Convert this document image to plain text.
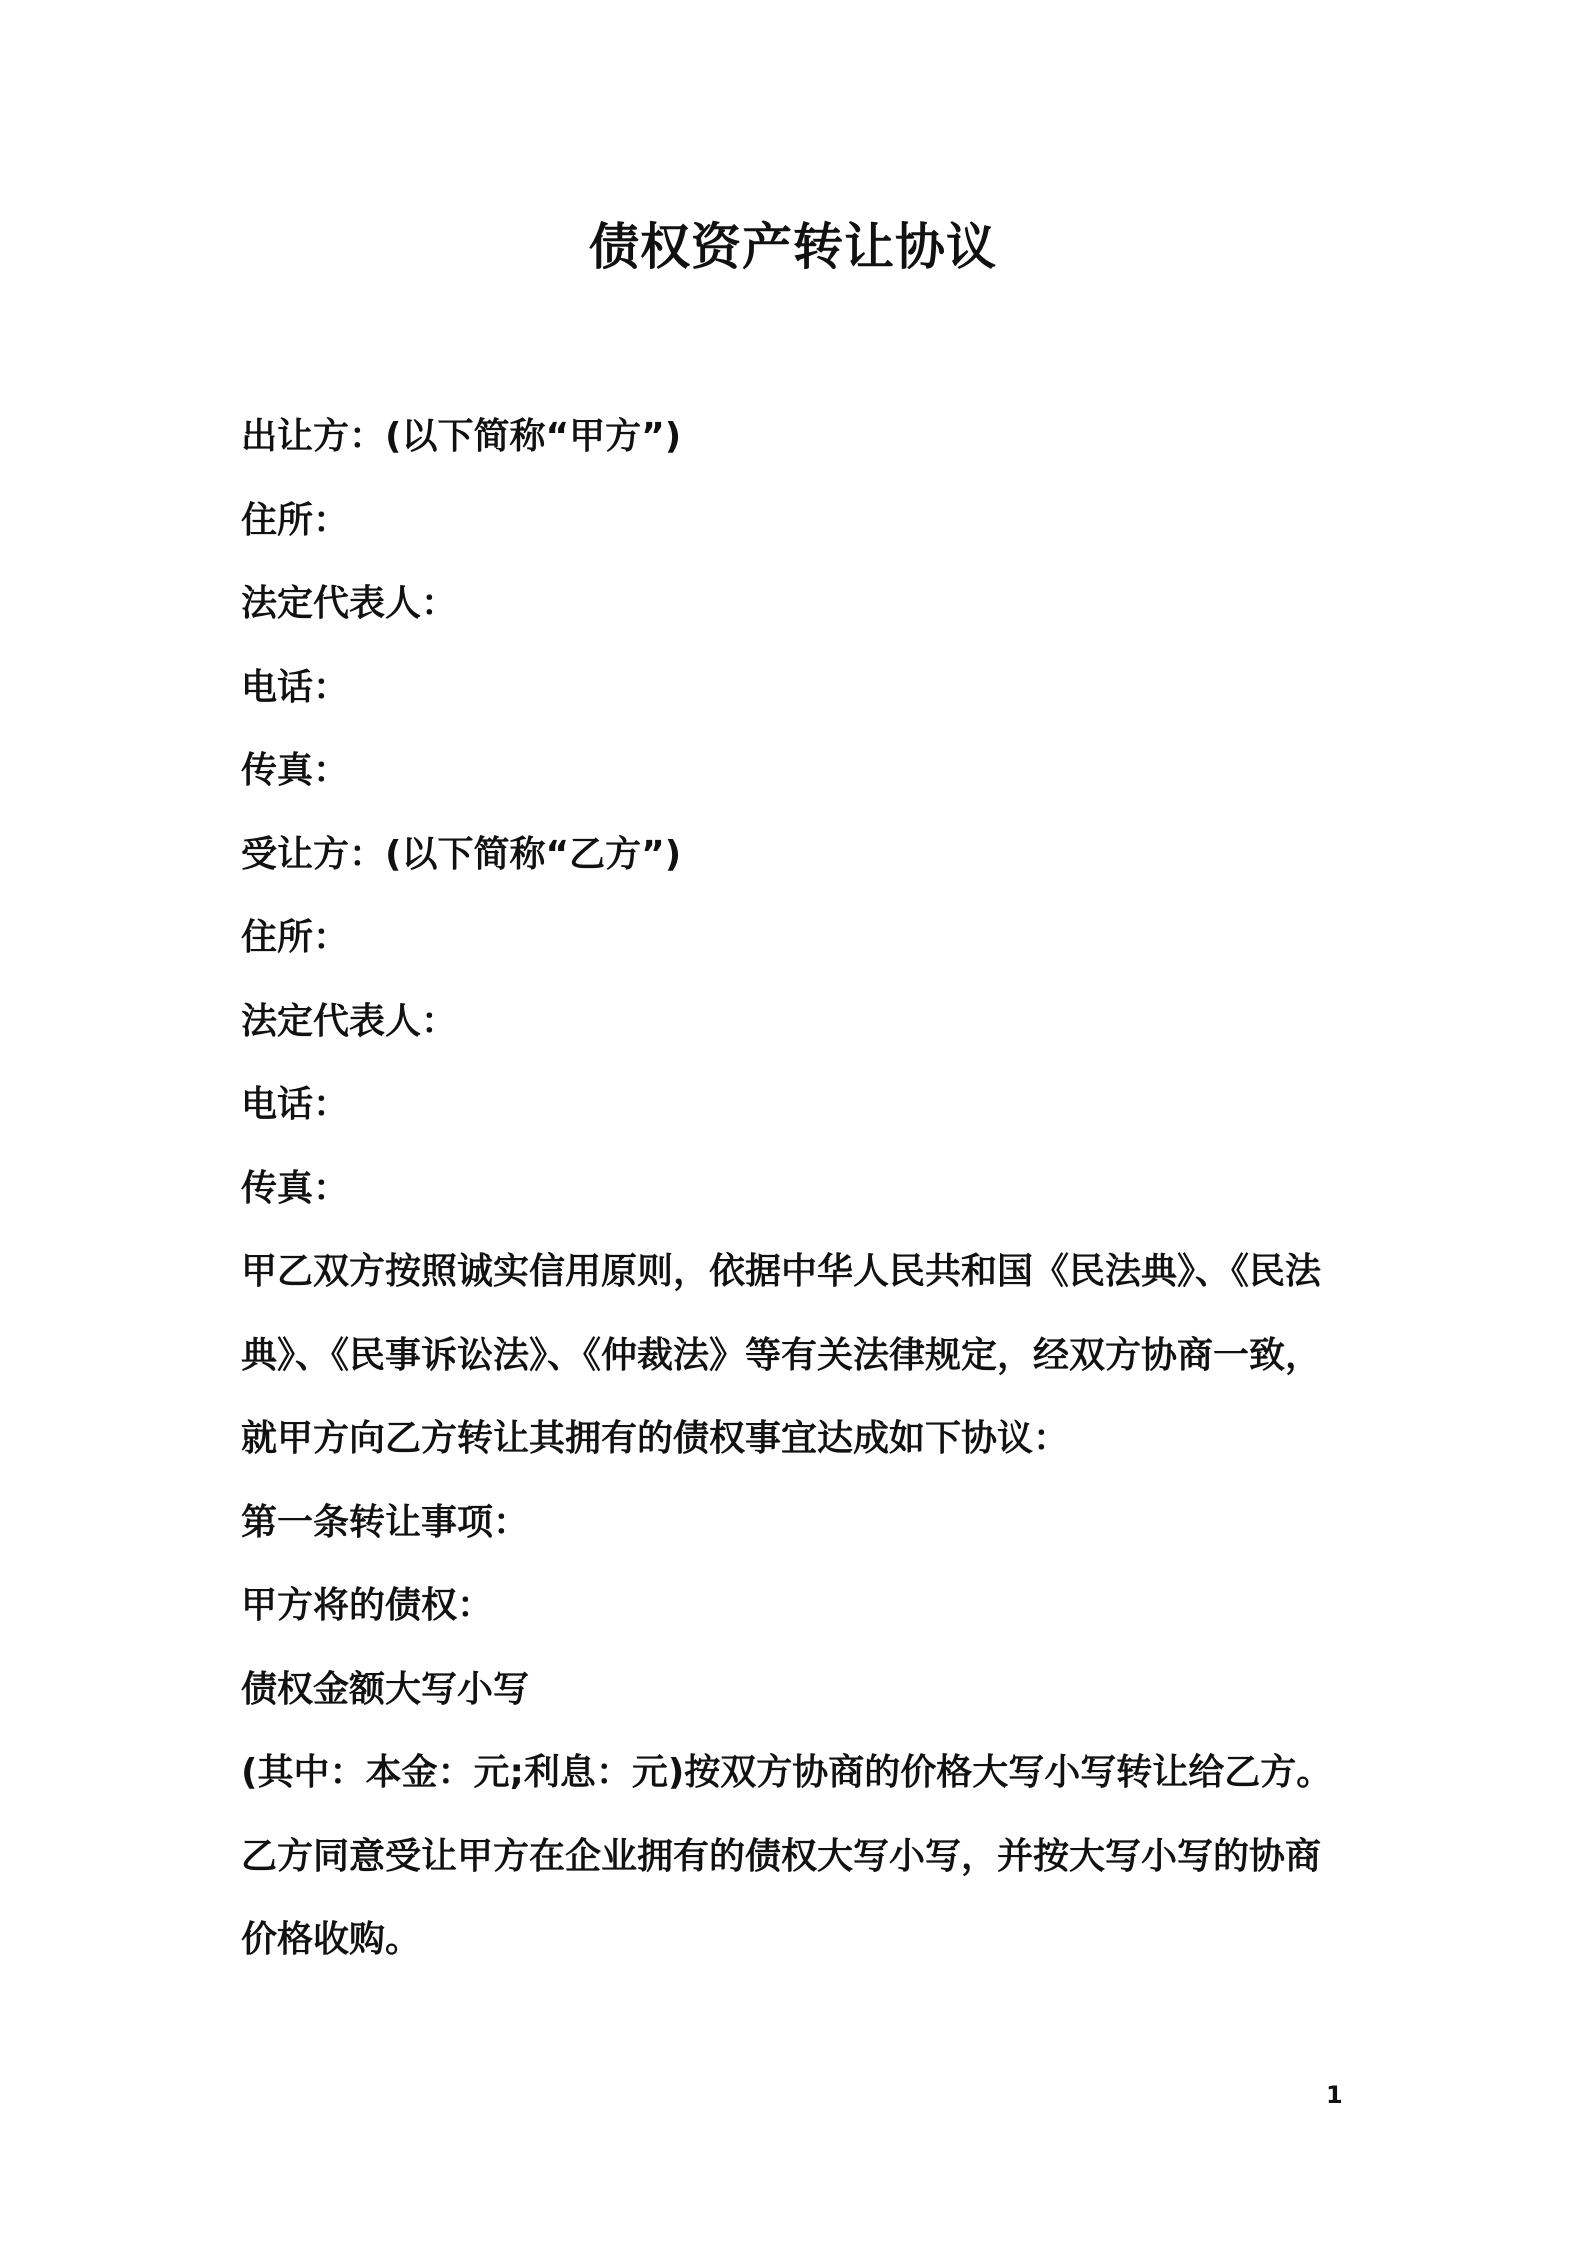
债权资产转让协议

出让方：(以下简称“甲方”)

住所：

法定代表人：

电话：

传真：

受让方：(以下简称“乙方”)

住所：

法定代表人：

电话：

传真：

甲乙双方按照诚实信用原则，依据中华人民共和国《民法典》、《民法

典》、《民事诉讼法》、《仲裁法》等有关法律规定，经双方协商一致，

就甲方向乙方转让其拥有的债权事宜达成如下协议：

第一条转让事项：

甲方将的债权：

债权金额大写小写

(其中：本金：元;利息：元)按双方协商的价格大写小写转让给乙方。

乙方同意受让甲方在企业拥有的债权大写小写，并按大写小写的协商

价格收购。

1
